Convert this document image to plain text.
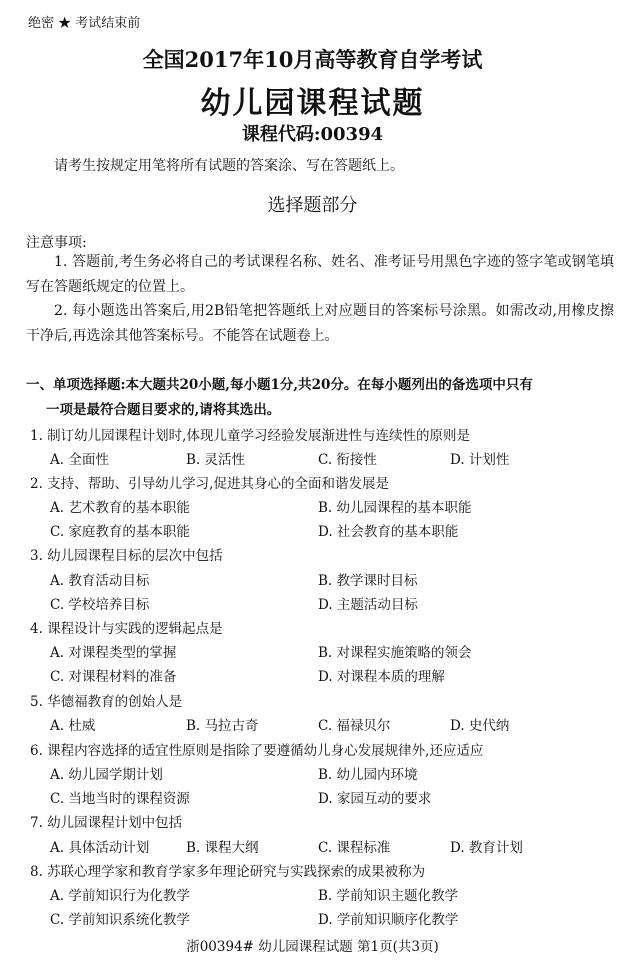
绝密 ★ 考试结束前
全国2017年10月高等教育自学考试
幼儿园课程试题
课程代码:00394
请考生按规定用笔将所有试题的答案涂、写在答题纸上。
选择题部分
注意事项:
1. 答题前,考生务必将自己的考试课程名称、姓名、准考证号用黑色字迹的签字笔或钢笔填写在答题纸规定的位置上。
2. 每小题选出答案后,用2B铅笔把答题纸上对应题目的答案标号涂黑。如需改动,用橡皮擦干净后,再选涂其他答案标号。不能答在试题卷上。
一、单项选择题:本大题共20小题,每小题1分,共20分。在每小题列出的备选项中只有
一项是最符合题目要求的,请将其选出。
1. 制订幼儿园课程计划时,体现儿童学习经验发展渐进性与连续性的原则是
A. 全面性	B. 灵活性	C. 衔接性	D. 计划性
2. 支持、帮助、引导幼儿学习,促进其身心的全面和谐发展是
A. 艺术教育的基本职能	B. 幼儿园课程的基本职能
C. 家庭教育的基本职能	D. 社会教育的基本职能
3. 幼儿园课程目标的层次中包括
A. 教育活动目标	B. 教学课时目标
C. 学校培养目标	D. 主题活动目标
4. 课程设计与实践的逻辑起点是
A. 对课程类型的掌握	B. 对课程实施策略的领会
C. 对课程材料的准备	D. 对课程本质的理解
5. 华德福教育的创始人是
A. 杜威	B. 马拉古奇	C. 福禄贝尔	D. 史代纳
6. 课程内容选择的适宜性原则是指除了要遵循幼儿身心发展规律外,还应适应
A. 幼儿园学期计划	B. 幼儿园内环境
C. 当地当时的课程资源	D. 家园互动的要求
7. 幼儿园课程计划中包括
A. 具体活动计划	B. 课程大纲	C. 课程标准	D. 教育计划
8. 苏联心理学家和教育学家多年理论研究与实践探索的成果被称为
A. 学前知识行为化教学	B. 学前知识主题化教学
C. 学前知识系统化教学	D. 学前知识顺序化教学
浙00394# 幼儿园课程试题 第1页(共3页)
